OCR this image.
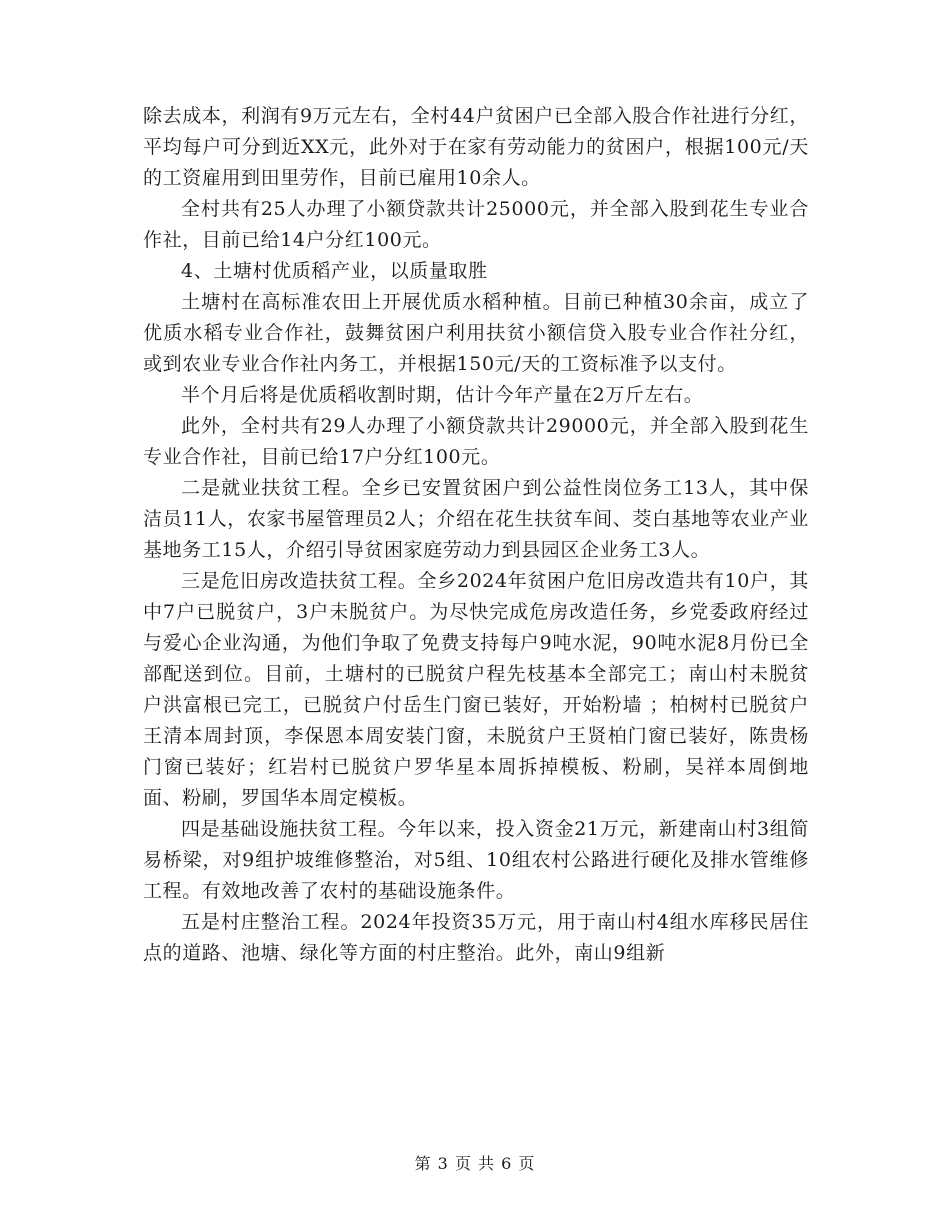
除去成本，利润有9万元左右，全村44户贫困户已全部入股合作社进行分红，平均每户可分到近XX元，此外对于在家有劳动能力的贫困户，根据100元/天的工资雇用到田里劳作，目前已雇用10余人。

全村共有25人办理了小额贷款共计25000元，并全部入股到花生专业合作社，目前已给14户分红100元。

4、土塘村优质稻产业，以质量取胜

土塘村在高标准农田上开展优质水稻种植。目前已种植30余亩，成立了优质水稻专业合作社，鼓舞贫困户利用扶贫小额信贷入股专业合作社分红，或到农业专业合作社内务工，并根据150元/天的工资标准予以支付。

半个月后将是优质稻收割时期，估计今年产量在2万斤左右。

此外，全村共有29人办理了小额贷款共计29000元，并全部入股到花生专业合作社，目前已给17户分红100元。

二是就业扶贫工程。全乡已安置贫困户到公益性岗位务工13人，其中保洁员11人，农家书屋管理员2人；介绍在花生扶贫车间、茭白基地等农业产业基地务工15人，介绍引导贫困家庭劳动力到县园区企业务工3人。

三是危旧房改造扶贫工程。全乡2024年贫困户危旧房改造共有10户，其中7户已脱贫户，3户未脱贫户。为尽快完成危房改造任务，乡党委政府经过与爱心企业沟通，为他们争取了免费支持每户9吨水泥，90吨水泥8月份已全部配送到位。目前，土塘村的已脱贫户程先枝基本全部完工；南山村未脱贫户洪富根已完工，已脱贫户付岳生门窗已装好，开始粉墙 ；柏树村已脱贫户王清本周封顶，李保恩本周安装门窗，未脱贫户王贤柏门窗已装好，陈贵杨门窗已装好；红岩村已脱贫户罗华星本周拆掉模板、粉刷，吴祥本周倒地面、粉刷，罗国华本周定模板。

四是基础设施扶贫工程。今年以来，投入资金21万元，新建南山村3组简易桥梁，对9组护坡维修整治，对5组、10组农村公路进行硬化及排水管维修工程。有效地改善了农村的基础设施条件。

五是村庄整治工程。2024年投资35万元，用于南山村4组水库移民居住点的道路、池塘、绿化等方面的村庄整治。此外，南山9组新

第 3 页 共 6 页
